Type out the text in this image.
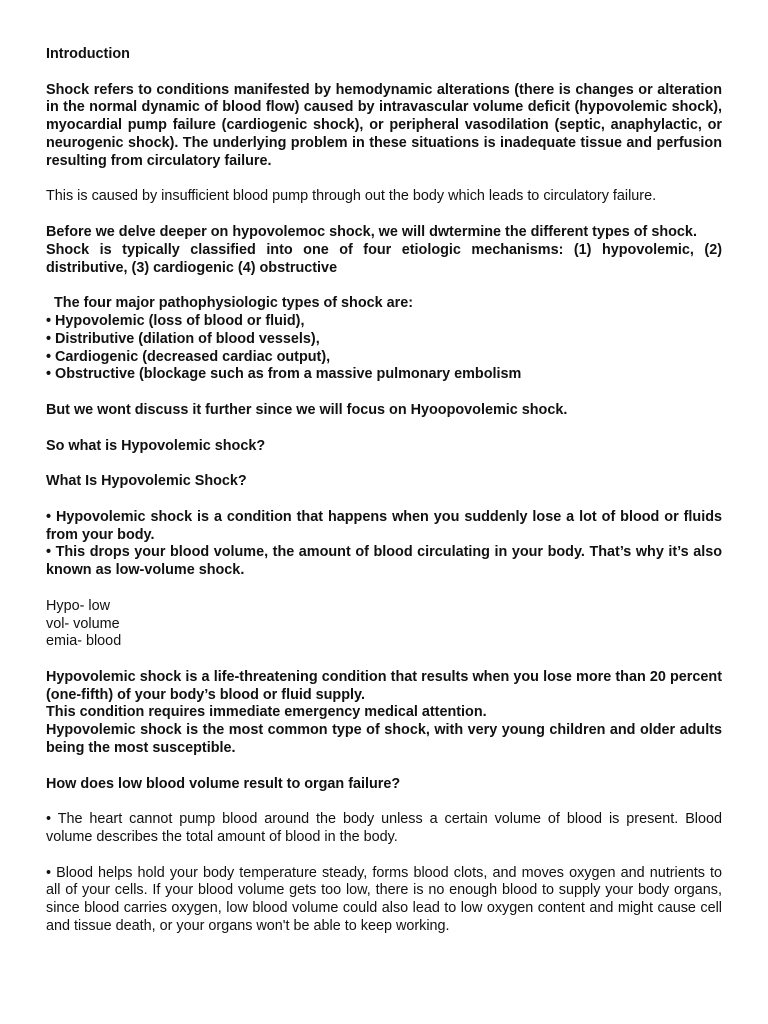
Introduction

Shock refers to conditions manifested by hemodynamic alterations (there is changes or alteration in the normal dynamic of blood flow) caused by intravascular volume deficit (hypovolemic shock), myocardial pump failure (cardiogenic shock), or peripheral vasodilation (septic, anaphylactic, or neurogenic shock). The underlying problem in these situations is inadequate tissue and perfusion resulting from circulatory failure.

This is caused by insufficient blood pump through out the body which leads to circulatory failure.

Before we delve deeper on hypovolemoc shock, we will dwtermine the different types of shock.

Shock is typically classified into one of four etiologic mechanisms: (1) hypovolemic, (2) distributive, (3) cardiogenic (4) obstructive

The four major pathophysiologic types of shock are:

• Hypovolemic (loss of blood or fluid),

• Distributive (dilation of blood vessels),

• Cardiogenic (decreased cardiac output),

• Obstructive (blockage such as from a massive pulmonary embolism

But we wont discuss it further since we will focus on Hyoopovolemic shock.

So what is Hypovolemic shock?

What Is Hypovolemic Shock?

• Hypovolemic shock is a condition that happens when you suddenly lose a lot of blood or fluids from your body.

• This drops your blood volume, the amount of blood circulating in your body. That’s why it’s also known as low-volume shock.

Hypo- low

vol- volume

emia- blood

Hypovolemic shock is a life-threatening condition that results when you lose more than 20 percent (one-fifth) of your body’s blood or fluid supply.

This condition requires immediate emergency medical attention.

Hypovolemic shock is the most common type of shock, with very young children and older adults being the most susceptible.

How does low blood volume result to organ failure?

• The heart cannot pump blood around the body unless a certain volume of blood is present. Blood volume describes the total amount of blood in the body.

• Blood helps hold your body temperature steady, forms blood clots, and moves oxygen and nutrients to all of your cells. If your blood volume gets too low, there is no enough blood to supply your body organs, since blood carries oxygen, low blood volume could also lead to low oxygen content and might cause cell and tissue death, or your organs won't be able to keep working.
